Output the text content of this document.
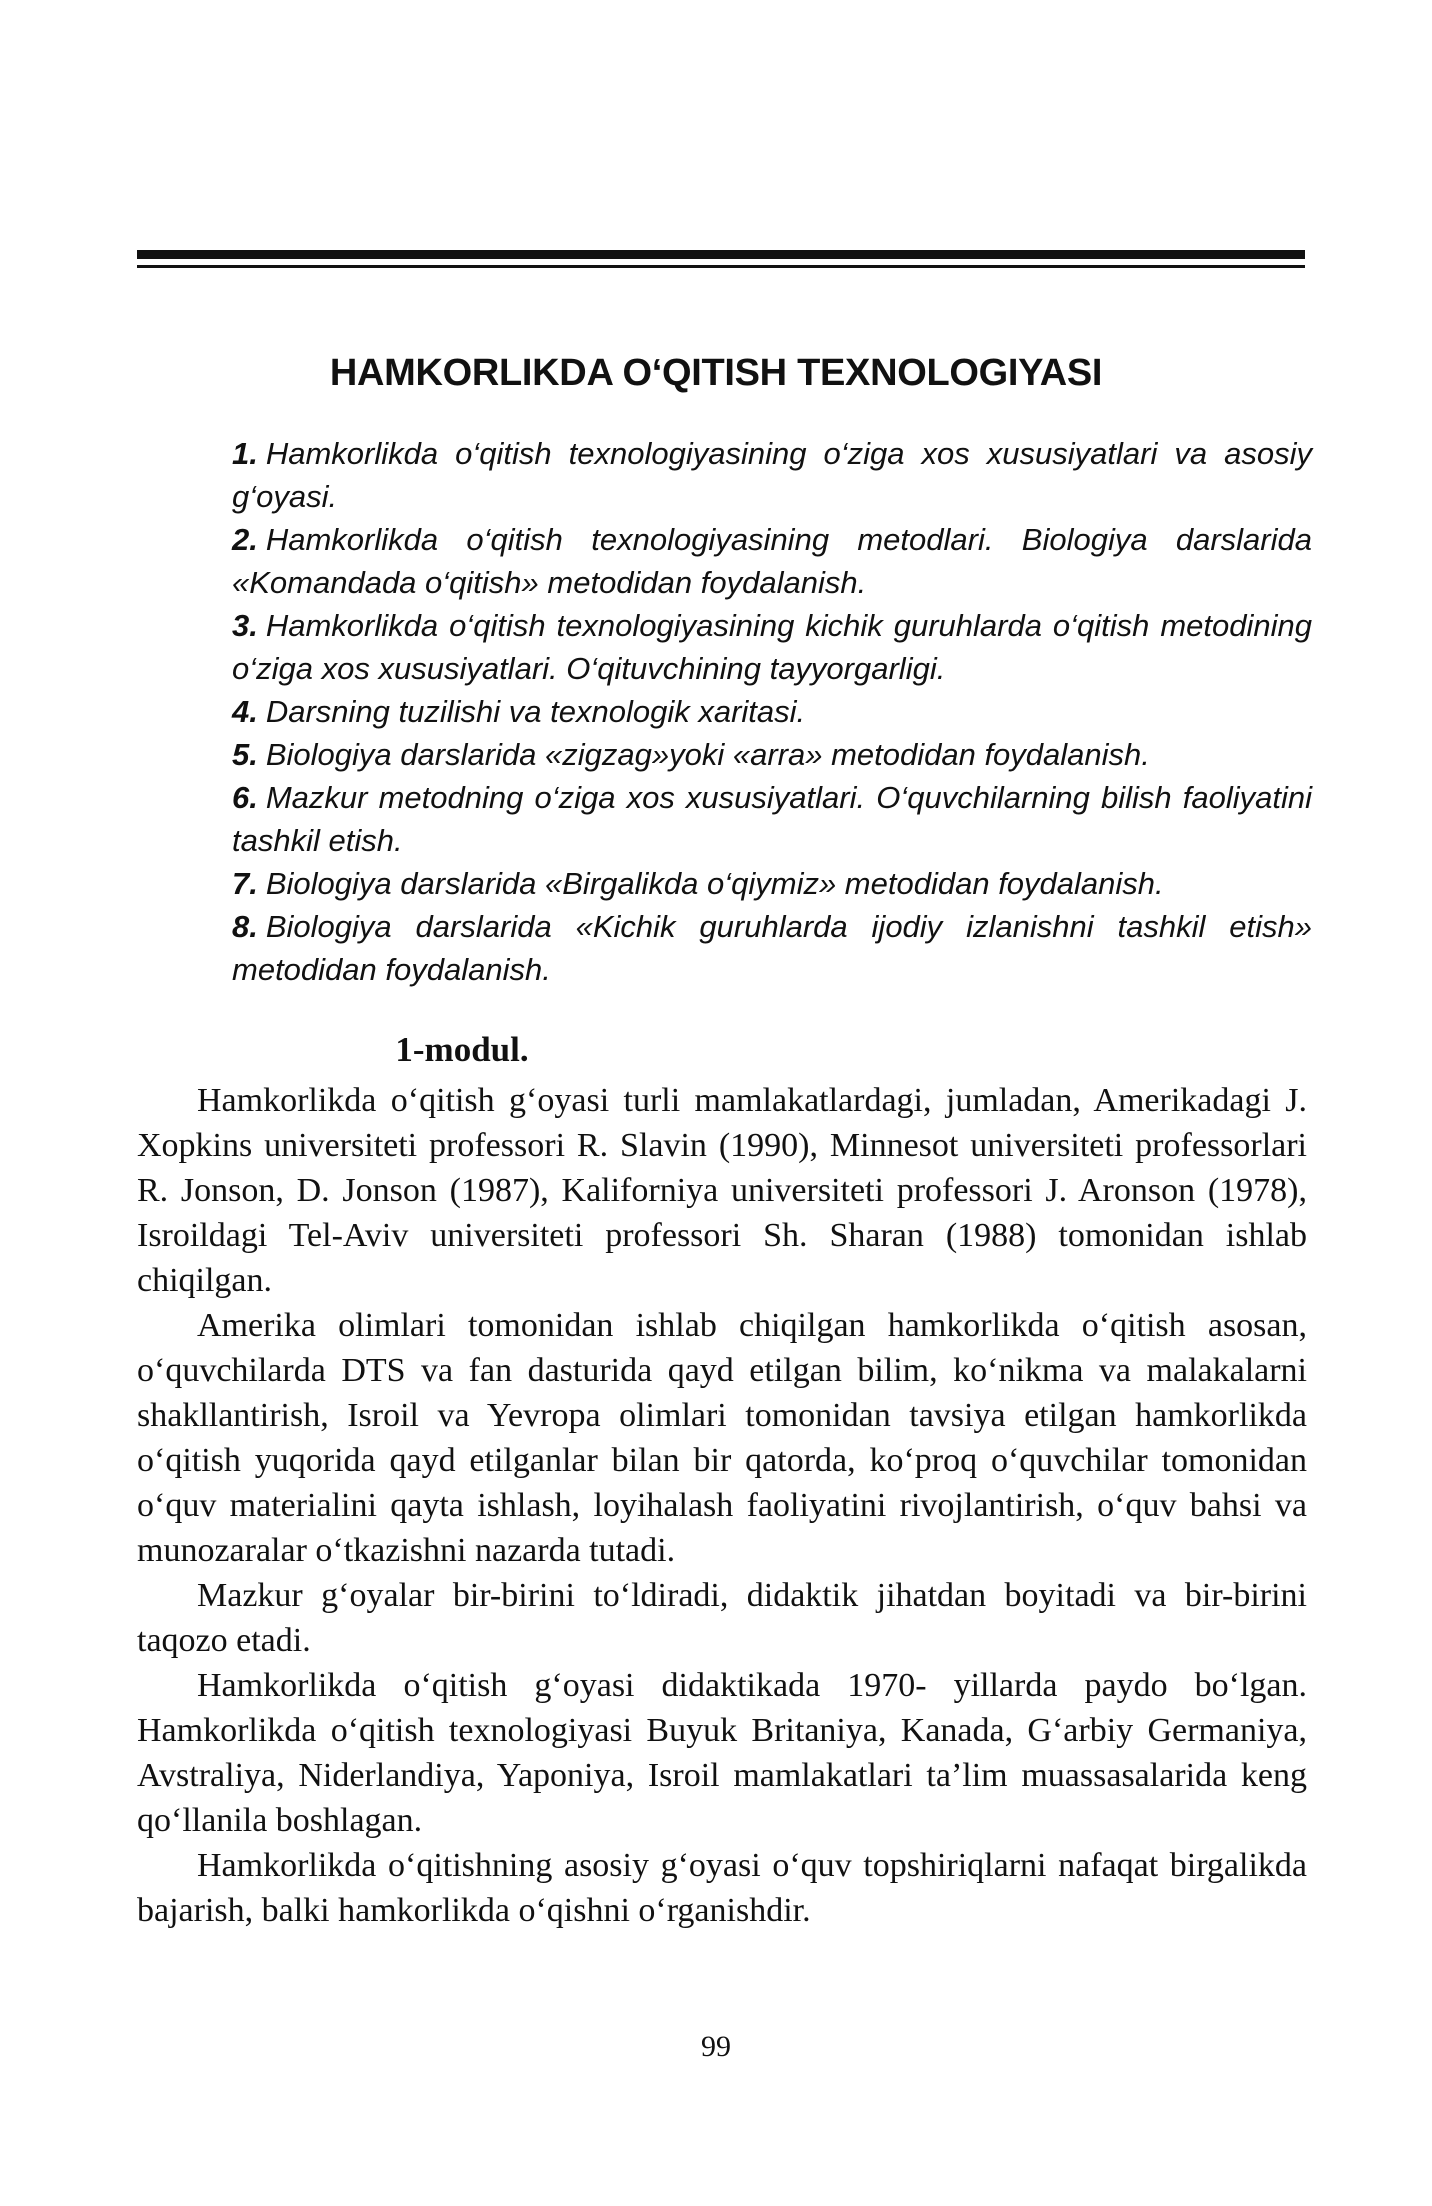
HAMKORLIKDA O‘QITISH TEXNOLOGIYASI
1. Hamkorlikda o‘qitish texnologiyasining o‘ziga xos xususiyatlari va asosiy g‘oyasi.
2. Hamkorlikda o‘qitish texnologiyasining metodlari. Biologiya darslarida «Komandada o‘qitish» metodidan foydalanish.
3. Hamkorlikda o‘qitish texnologiyasining kichik guruhlarda o‘qitish metodining o‘ziga xos xususiyatlari. O‘qituvchining tayyorgarligi.
4. Darsning tuzilishi va texnologik xaritasi.
5. Biologiya darslarida «zigzag»yoki «arra» metodidan foydalanish.
6. Mazkur metodning o‘ziga xos xususiyatlari. O‘quvchilarning bilish faoliyatini tashkil etish.
7. Biologiya darslarida «Birgalikda o‘qiymiz» metodidan foydalanish.
8. Biologiya darslarida «Kichik guruhlarda ijodiy izlanishni tashkil etish» metodidan foydalanish.
1-modul.

Hamkorlikda o‘qitish g‘oyasi turli mamlakatlardagi, jumladan, Amerikadagi J. Xopkins universiteti professori R. Slavin (1990), Minnesot universiteti professorlari R. Jonson, D. Jonson (1987), Kaliforniya universiteti professori J. Aronson (1978), Isroildagi Tel-Aviv universiteti professori Sh. Sharan (1988) tomonidan ishlab chiqilgan.

Amerika olimlari tomonidan ishlab chiqilgan hamkorlikda o‘qitish asosan, o‘quvchilarda DTS va fan dasturida qayd etilgan bilim, ko‘nikma va malakalarni shakllantirish, Isroil va Yevropa olimlari tomonidan tavsiya etilgan hamkorlikda o‘qitish yuqorida qayd etilganlar bilan bir qatorda, ko‘proq o‘quvchilar tomonidan o‘quv materialini qayta ishlash, loyihalash faoliyatini rivojlantirish, o‘quv bahsi va munozaralar o‘tkazishni nazarda tutadi.

Mazkur g‘oyalar bir-birini to‘ldiradi, didaktik jihatdan boyitadi va bir-birini taqozo etadi.

Hamkorlikda o‘qitish g‘oyasi didaktikada 1970- yillarda paydo bo‘lgan. Hamkorlikda o‘qitish texnologiyasi Buyuk Britaniya, Kanada, G‘arbiy Germaniya, Avstraliya, Niderlandiya, Yaponiya, Isroil mamlakatlari ta’lim muassasalarida keng qo‘llanila boshlagan.

Hamkorlikda o‘qitishning asosiy g‘oyasi o‘quv topshiriqlarni nafaqat birgalikda bajarish, balki hamkorlikda o‘qishni o‘rganishdir.

99
